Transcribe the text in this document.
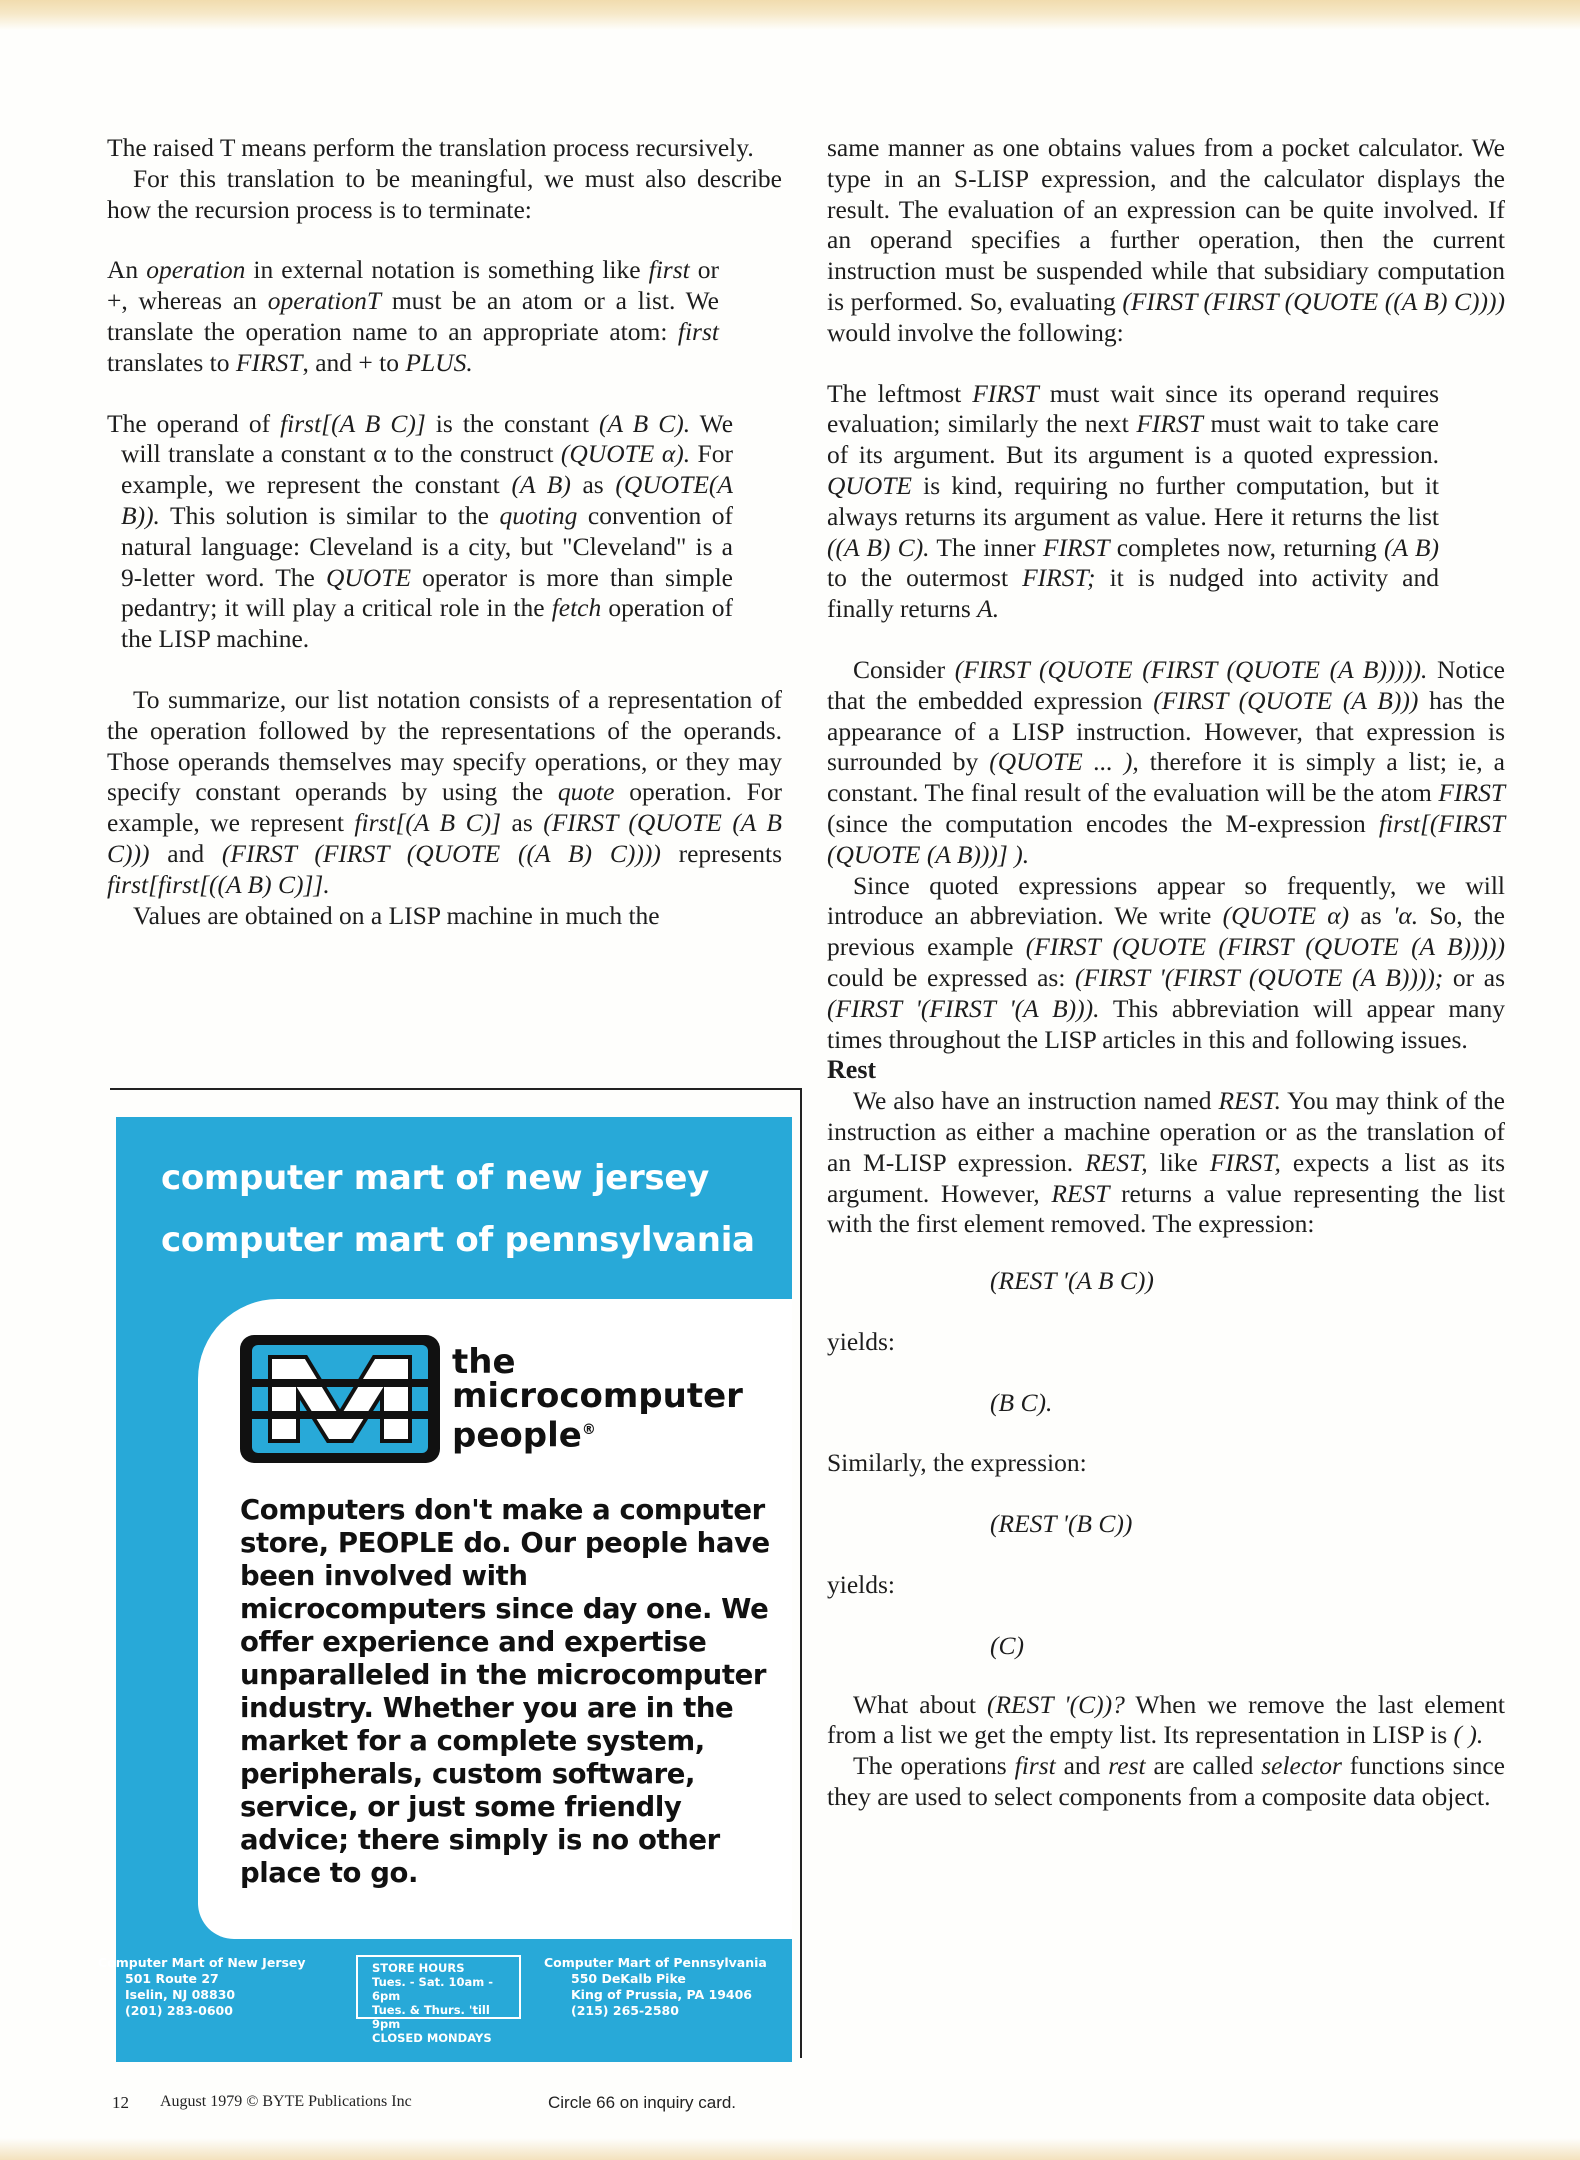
The raised T means perform the translation process recursively.

For this translation to be meaningful, we must also describe how the recursion process is to terminate:

An operation in external notation is something like first or +, whereas an operationT must be an atom or a list. We translate the operation name to an appropriate atom: first translates to FIRST, and + to PLUS.

The operand of first[(A B C)] is the constant (A B C). We will translate a constant α to the construct (QUOTE α). For example, we represent the constant (A B) as (QUOTE(A B)). This solution is similar to the quoting convention of natural language: Cleveland is a city, but "Cleveland" is a 9-letter word. The QUOTE operator is more than simple pedantry; it will play a critical role in the fetch operation of the LISP machine.

To summarize, our list notation consists of a representation of the operation followed by the representations of the operands. Those operands themselves may specify operations, or they may specify constant operands by using the quote operation. For example, we represent first[(A B C)] as (FIRST (QUOTE (A B C))) and (FIRST (FIRST (QUOTE ((A B) C)))) represents first[first[((A B) C)]].

Values are obtained on a LISP machine in much the

same manner as one obtains values from a pocket calculator. We type in an S-LISP expression, and the calculator displays the result. The evaluation of an expression can be quite involved. If an operand specifies a further operation, then the current instruction must be suspended while that subsidiary computation is performed. So, evaluating (FIRST (FIRST (QUOTE ((A B) C)))) would involve the following:

The leftmost FIRST must wait since its operand requires evaluation; similarly the next FIRST must wait to take care of its argument. But its argument is a quoted expression. QUOTE is kind, requiring no further computation, but it always returns its argument as value. Here it returns the list ((A B) C). The inner FIRST completes now, returning (A B) to the outermost FIRST; it is nudged into activity and finally returns A.

Consider (FIRST (QUOTE (FIRST (QUOTE (A B))))). Notice that the embedded expression (FIRST (QUOTE (A B))) has the appearance of a LISP instruction. However, that expression is surrounded by (QUOTE ... ), therefore it is simply a list; ie, a constant. The final result of the evaluation will be the atom FIRST (since the computation encodes the M-expression first[(FIRST (QUOTE (A B)))] ).

Since quoted expressions appear so frequently, we will introduce an abbreviation. We write (QUOTE α) as 'α. So, the previous example (FIRST (QUOTE (FIRST (QUOTE (A B))))) could be expressed as: (FIRST '(FIRST (QUOTE (A B)))); or as (FIRST '(FIRST '(A B))). This abbreviation will appear many times throughout the LISP articles in this and following issues.

Rest

We also have an instruction named REST. You may think of the instruction as either a machine operation or as the translation of an M-LISP expression. REST, like FIRST, expects a list as its argument. However, REST returns a value representing the list with the first element removed. The expression:

(REST '(A B C))

yields:

(B C).

Similarly, the expression:

(REST '(B C))

yields:

(C)

What about (REST '(C))? When we remove the last element from a list we get the empty list. Its representation in LISP is ( ).

The operations first and rest are called selector functions since they are used to select components from a composite data object.

computer mart of new jersey
computer mart of pennsylvania
the
microcomputer
people®
Computers don't make a computer store, PEOPLE do. Our people have been involved with microcomputers since day one. We offer experience and expertise unparalleled in the microcomputer industry. Whether you are in the market for a complete system, peripherals, custom software, service, or just some friendly advice; there simply is no other place to go.
Computer Mart of New Jersey
501 Route 27
Iselin, NJ 08830
(201) 283-0600
STORE HOURS
Tues. - Sat. 10am - 6pm
Tues. & Thurs. 'till 9pm
CLOSED MONDAYS
Computer Mart of Pennsylvania
550 DeKalb Pike
King of Prussia, PA 19406
(215) 265-2580
12 August 1979 © BYTE Publications Inc	Circle 66 on inquiry card.
